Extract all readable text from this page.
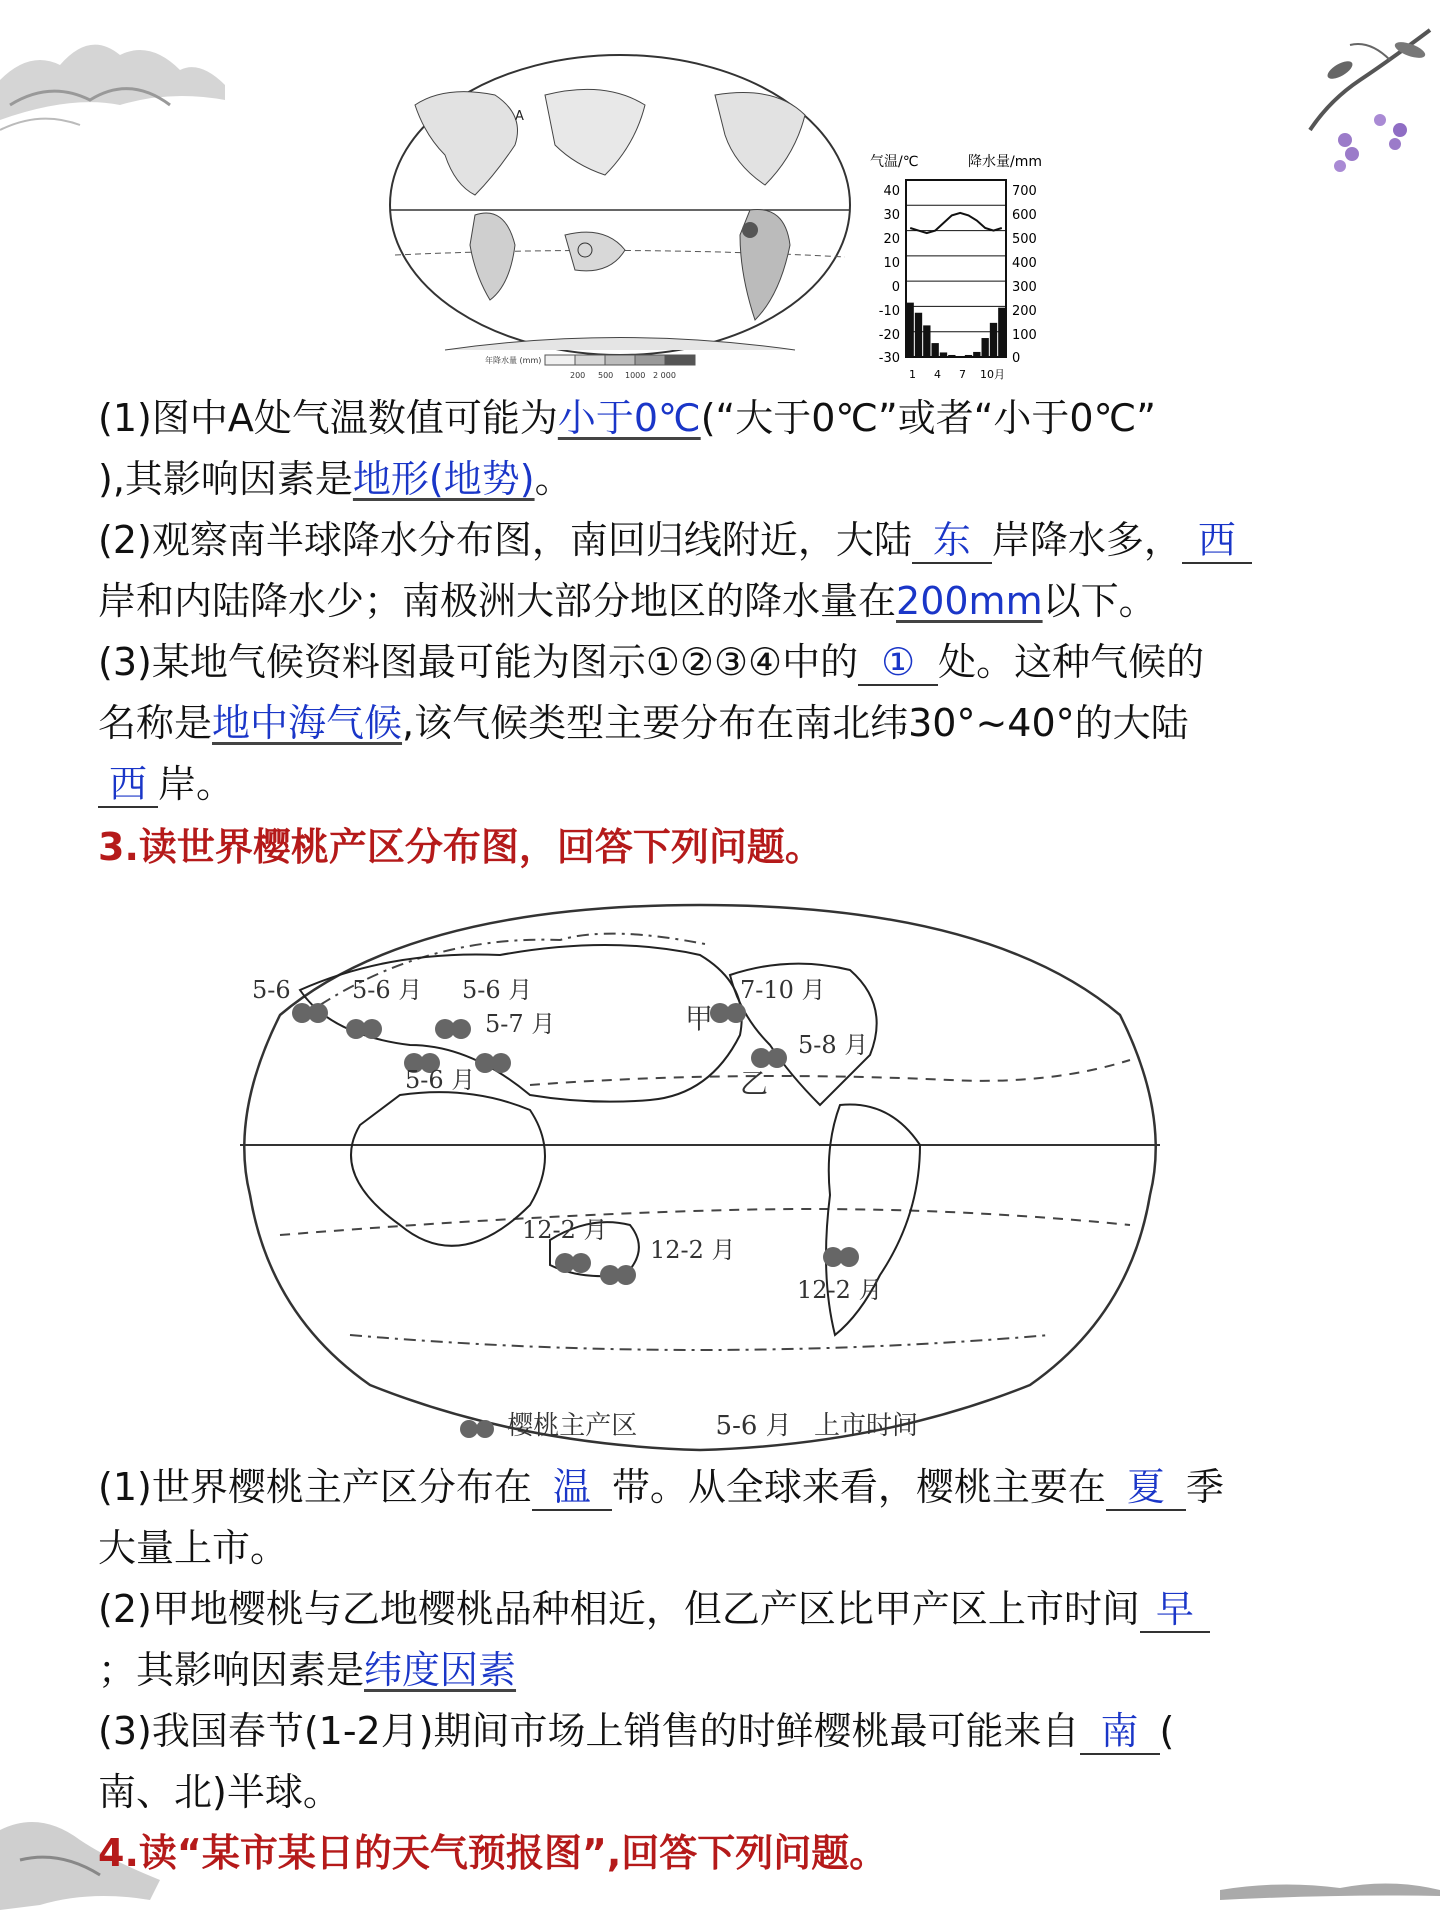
A
年降水量 (mm)
200 500 1000 2 000
气温/℃	降水量/mm
40
30
20
10
0
-10
-20
-30
700
600
500
400
300
200
100
0
1 4 7 10月
(1)图中A处气温数值可能为小于0℃(“大于0℃”或者“小于0℃”
),其影响因素是地形(地势)。
(2)观察南半球降水分布图，南回归线附近，大陆 东 岸降水多， 西
岸和内陆降水少；南极洲大部分地区的降水量在200mm以下。
(3)某地气候资料图最可能为图示①②③④中的 ① 处。这种气候的
名称是地中海气候,该气候类型主要分布在南北纬30°~40°的大陆
西 岸。
3.读世界樱桃产区分布图，回答下列问题。
5-6	5-6 月 5-6 月
5-7 月
5-6 月
7-10 月
5-8 月
12-2 月
12-2 月
12-2 月
甲
乙
樱桃主产区	5-6 月 上市时间
(1)世界樱桃主产区分布在 温 带。从全球来看，樱桃主要在 夏 季
大量上市。
(2)甲地樱桃与乙地樱桃品种相近，但乙产区比甲产区上市时间 早
；其影响因素是纬度因素
(3)我国春节(1-2月)期间市场上销售的时鲜樱桃最可能来自 南 (
南、北)半球。
4.读“某市某日的天气预报图”,回答下列问题。
